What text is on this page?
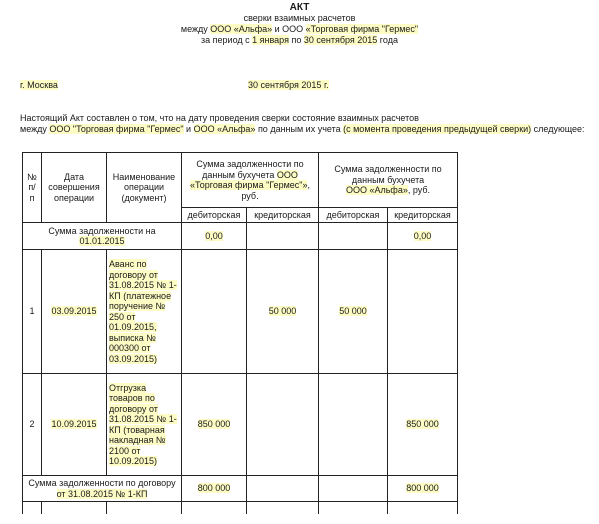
АКТ
сверки взаимных расчетов
между ООО «Альфа» и ООО «Торговая фирма "Гермес"
за период с 1 января по 30 сентября 2015 года
г. Москва	30 сентября 2015 г.
Настоящий Акт составлен о том, что на дату проведения сверки состояние взаимных расчетов
между ООО "Торговая фирма "Гермес" и ООО «Альфа» по данным их учета (с момента проведения предыдущей сверки) следующее:
№ п/ п	Дата совершения операции	Наименование операции (документ)	Сумма задолженности по данным бухучета ООО «Торговая фирма "Гермес"», руб.		Сумма задолженности по данным бухучета
ООО «Альфа», руб.	
			дебиторская	кредиторская	дебиторская	кредиторская
Сумма задолженности на
01.01.2015			0,00			0,00
1	03.09.2015	Аванс по договору от 31.08.2015 № 1-КП (платежное поручение № 250 от 01.09.2015, выписка № 000300 от 03.09.2015)		50 000	50 000	
2	10.09.2015	Отгрузка товаров по договору от 31.08.2015 № 1-КП (товарная накладная № 2100 от 10.09.2015)	850 000			850 000
Сумма задолженности по договору
от 31.08.2015 № 1-КП			800 000			800 000
